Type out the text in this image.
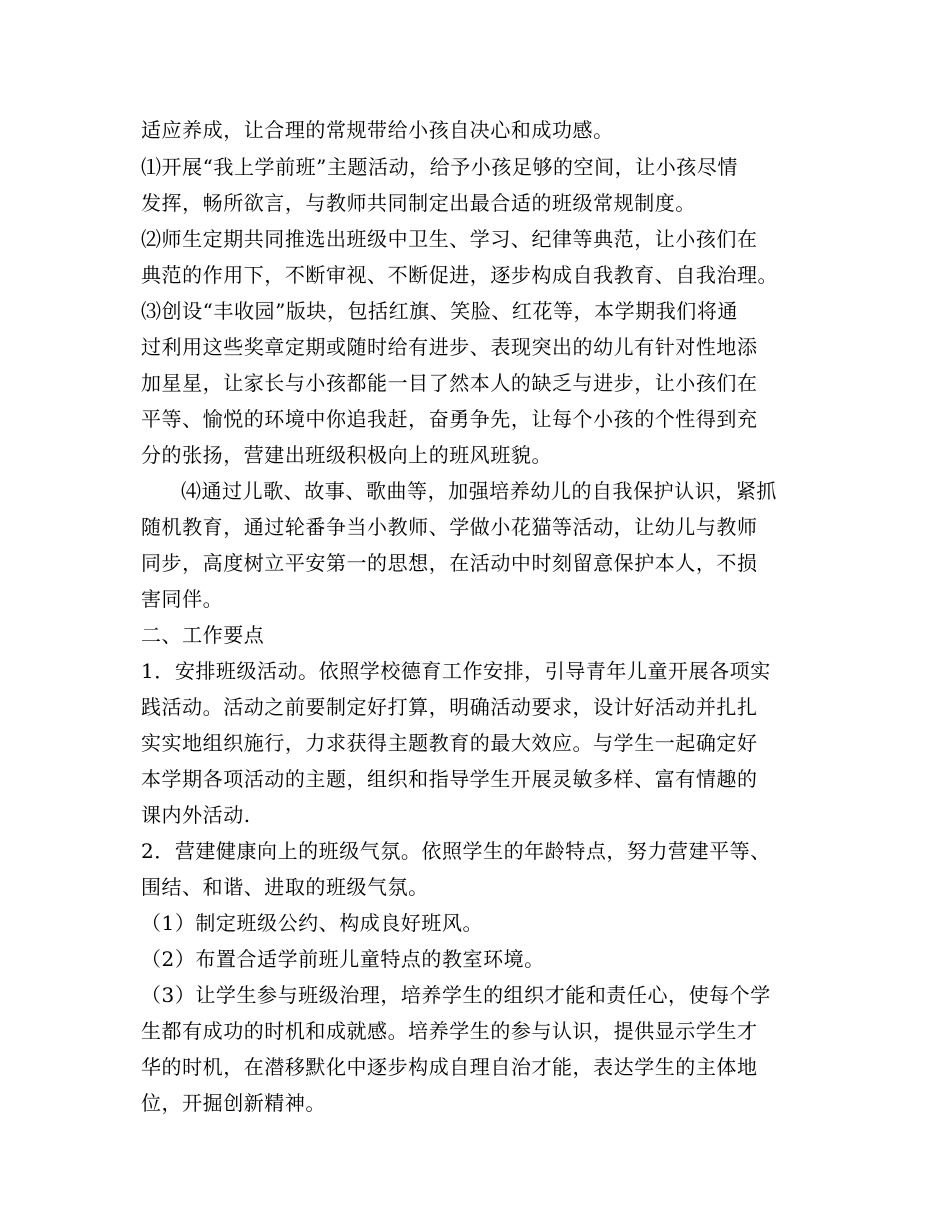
适应养成，让合理的常规带给小孩自决心和成功感。
⑴开展“我上学前班”主题活动，给予小孩足够的空间，让小孩尽情
发挥，畅所欲言，与教师共同制定出最合适的班级常规制度。
⑵师生定期共同推选出班级中卫生、学习、纪律等典范，让小孩们在
典范的作用下，不断审视、不断促进，逐步构成自我教育、自我治理。
⑶创设“丰收园”版块，包括红旗、笑脸、红花等，本学期我们将通
过利用这些奖章定期或随时给有进步、表现突出的幼儿有针对性地添
加星星，让家长与小孩都能一目了然本人的缺乏与进步，让小孩们在
平等、愉悦的环境中你追我赶，奋勇争先，让每个小孩的个性得到充
分的张扬，营建出班级积极向上的班风班貌。
⑷通过儿歌、故事、歌曲等，加强培养幼儿的自我保护认识，紧抓
随机教育，通过轮番争当小教师、学做小花猫等活动，让幼儿与教师
同步，高度树立平安第一的思想，在活动中时刻留意保护本人，不损
害同伴。
二、工作要点
1．安排班级活动。依照学校德育工作安排，引导青年儿童开展各项实
践活动。活动之前要制定好打算，明确活动要求，设计好活动并扎扎
实实地组织施行，力求获得主题教育的最大效应。与学生一起确定好
本学期各项活动的主题，组织和指导学生开展灵敏多样、富有情趣的
课内外活动.
2．营建健康向上的班级气氛。依照学生的年龄特点，努力营建平等、
围结、和谐、进取的班级气氛。
（1）制定班级公约、构成良好班风。
（2）布置合适学前班儿童特点的教室环境。
（3）让学生参与班级治理，培养学生的组织才能和责任心，使每个学
生都有成功的时机和成就感。培养学生的参与认识，提供显示学生才
华的时机，在潜移默化中逐步构成自理自治才能，表达学生的主体地
位，开掘创新精神。
